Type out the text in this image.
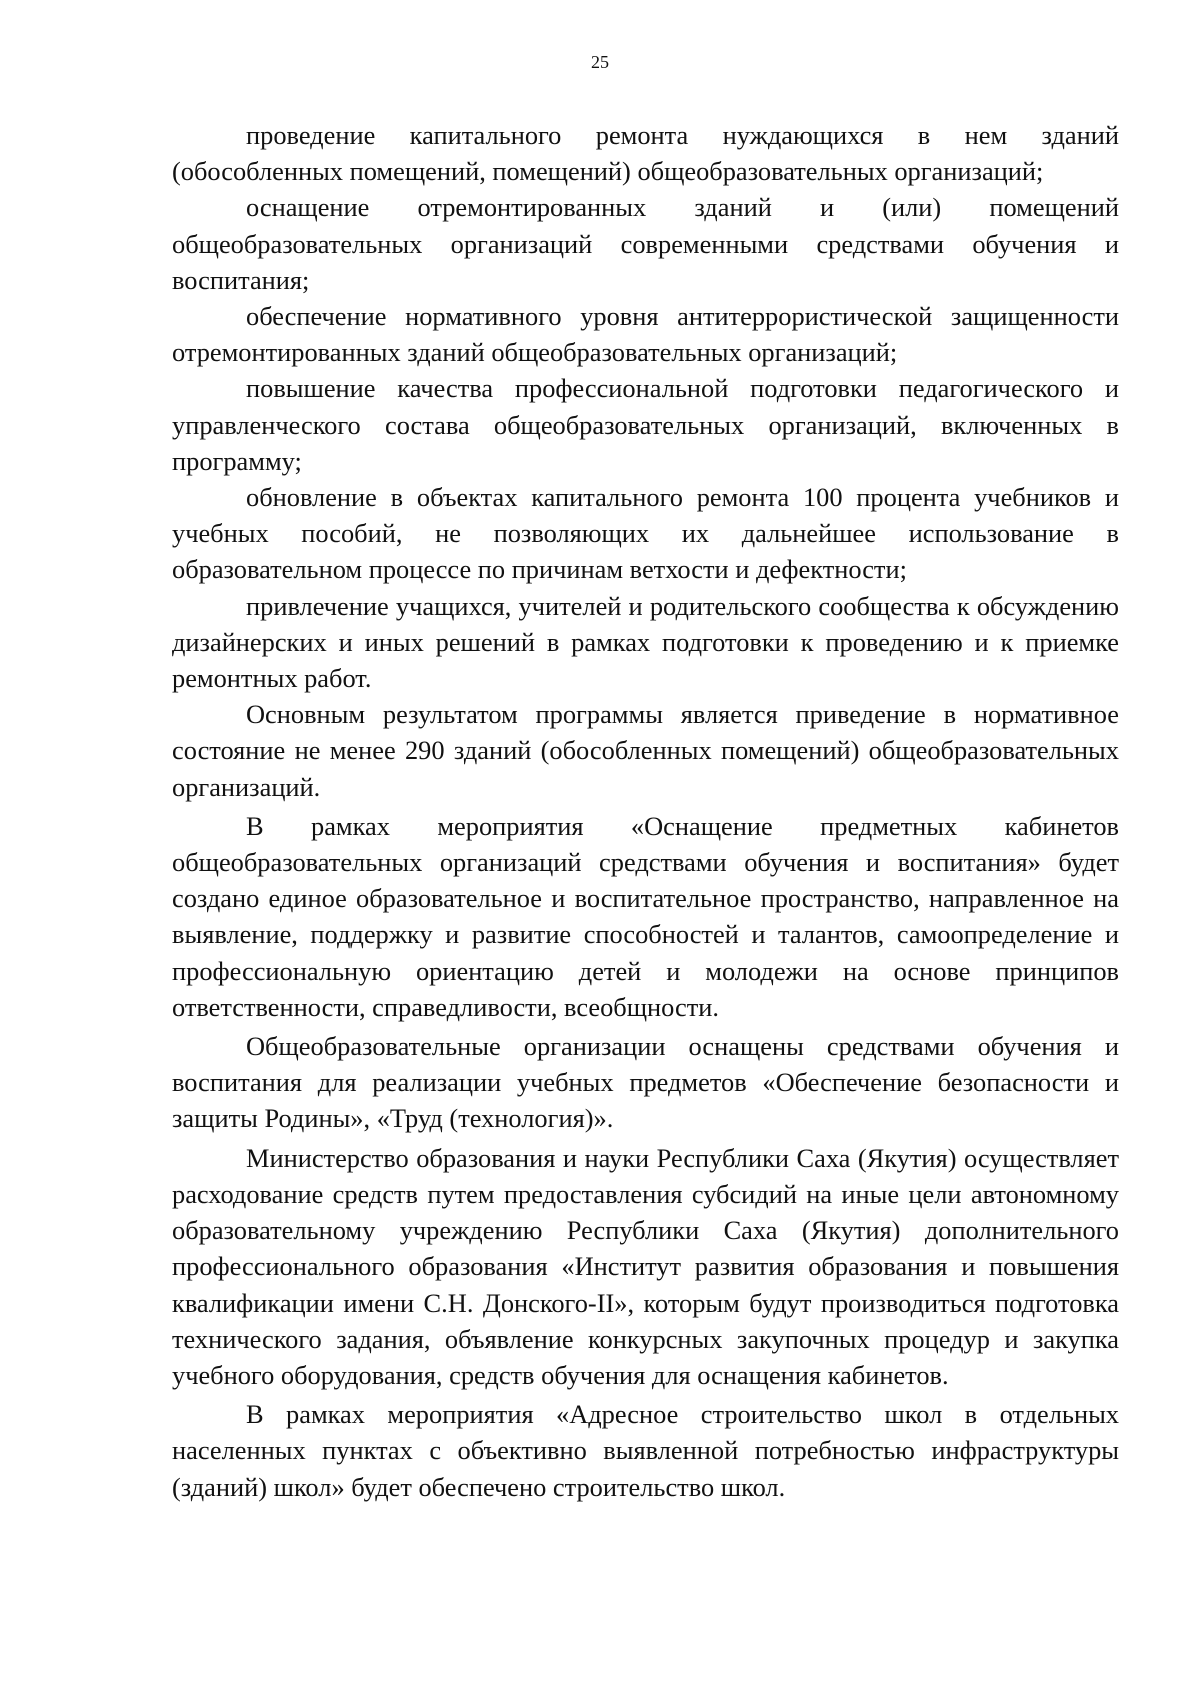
25

проведение капитального ремонта нуждающихся в нем зданий (обособленных помещений, помещений) общеобразовательных организаций;

оснащение отремонтированных зданий и (или) помещений общеобразовательных организаций современными средствами обучения и воспитания;

обеспечение нормативного уровня антитеррористической защищенности отремонтированных зданий общеобразовательных организаций;

повышение качества профессиональной подготовки педагогического и управленческого состава общеобразовательных организаций, включенных в программу;

обновление в объектах капитального ремонта 100 процента учебников и учебных пособий, не позволяющих их дальнейшее использование в образовательном процессе по причинам ветхости и дефектности;

привлечение учащихся, учителей и родительского сообщества к обсуждению дизайнерских и иных решений в рамках подготовки к проведению и к приемке ремонтных работ.

Основным результатом программы является приведение в нормативное состояние не менее 290 зданий (обособленных помещений) общеобразовательных организаций.

В рамках мероприятия «Оснащение предметных кабинетов общеобразовательных организаций средствами обучения и воспитания» будет создано единое образовательное и воспитательное пространство, направленное на выявление, поддержку и развитие способностей и талантов, самоопределение и профессиональную ориентацию детей и молодежи на основе принципов ответственности, справедливости, всеобщности.

Общеобразовательные организации оснащены средствами обучения и воспитания для реализации учебных предметов «Обеспечение безопасности и защиты Родины», «Труд (технология)».

Министерство образования и науки Республики Саха (Якутия) осуществляет расходование средств путем предоставления субсидий на иные цели автономному образовательному учреждению Республики Саха (Якутия) дополнительного профессионального образования «Институт развития образования и повышения квалификации имени С.Н. Донского-II», которым будут производиться подготовка технического задания, объявление конкурсных закупочных процедур и закупка учебного оборудования, средств обучения для оснащения кабинетов.

В рамках мероприятия «Адресное строительство школ в отдельных населенных пунктах с объективно выявленной потребностью инфраструктуры (зданий) школ» будет обеспечено строительство школ.
